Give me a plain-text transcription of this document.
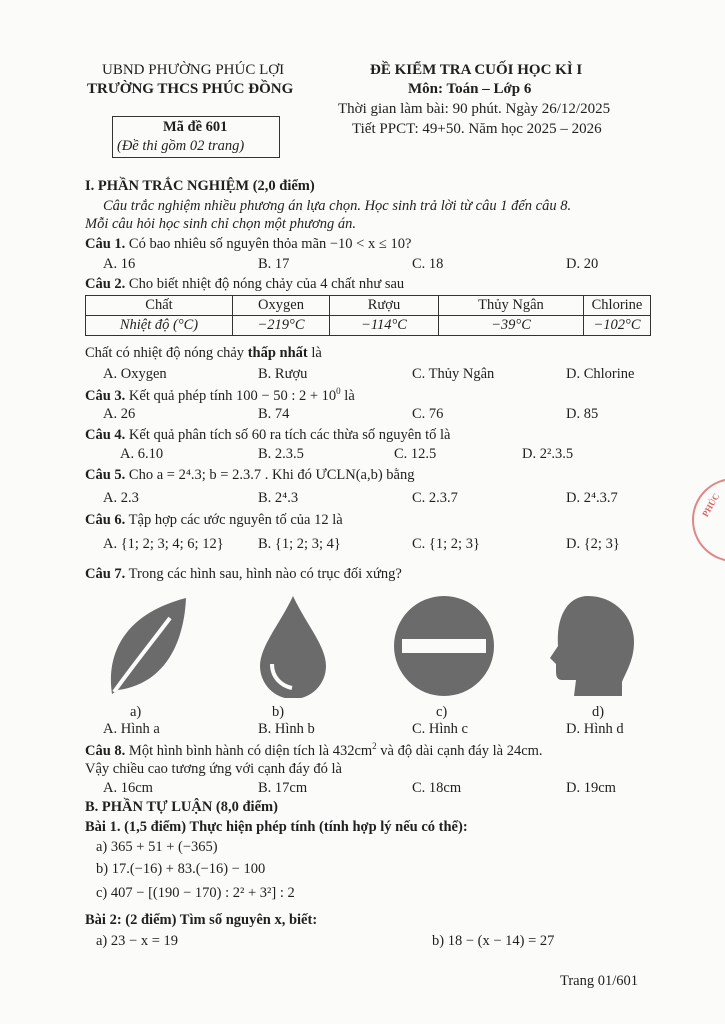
UBND PHƯỜNG PHÚC LỢI
TRƯỜNG THCS PHÚC ĐỒNG
ĐỀ KIỂM TRA CUỐI HỌC KÌ I
Môn: Toán – Lớp 6
Thời gian làm bài: 90 phút. Ngày 26/12/2025
Tiết PPCT: 49+50. Năm học 2025 – 2026
Mã đề 601
(Đề thi gồm 02 trang)
I. PHẦN TRẮC NGHIỆM (2,0 điểm)
Câu trắc nghiệm nhiều phương án lựa chọn. Học sinh trả lời từ câu 1 đến câu 8.
Mỗi câu hỏi học sinh chỉ chọn một phương án.
Câu 1. Có bao nhiêu số nguyên thỏa mãn −10 < x ≤ 10?
A. 16	B. 17	C. 18	D. 20
Câu 2. Cho biết nhiệt độ nóng chảy của 4 chất như sau
Chất	Oxygen	Rượu	Thủy Ngân	Chlorine
Nhiệt độ (°C)	−219°C	−114°C	−39°C	−102°C
Chất có nhiệt độ nóng chảy thấp nhất là
A. Oxygen	B. Rượu	C. Thủy Ngân	D. Chlorine
Câu 3. Kết quả phép tính 100 − 50 : $2 + 10^0$ là
A. 26	B. 74	C. 76	D. 85
Câu 4. Kết quả phân tích số 60 ra tích các thừa số nguyên tố là
A. 6.10	B. 2.3.5	C. 12.5	D. 2².3.5
Câu 5. Cho a = 2⁴.3; b = 2.3.7 . Khi đó ƯCLN(a,b) bằng
A. 2.3	B. 2⁴.3	C. 2.3.7	D. 2⁴.3.7
Câu 6. Tập hợp các ước nguyên tố của 12 là
A. {1; 2; 3; 4; 6; 12} B. {1; 2; 3; 4}	C. {1; 2; 3}	D. {2; 3}
Câu 7. Trong các hình sau, hình nào có trục đối xứng?
a)	b)	c)	d)
A. Hình a	B. Hình b	C. Hình c	D. Hình d
Câu 8. Một hình bình hành có diện tích là $432cm^2$ và độ dài cạnh đáy là 24cm.
Vậy chiều cao tương ứng với cạnh đáy đó là
A. 16cm	B. 17cm	C. 18cm	D. 19cm
B. PHẦN TỰ LUẬN (8,0 điểm)
Bài 1. (1,5 điểm) Thực hiện phép tính (tính hợp lý nếu có thể):
a) 365 + 51 + (−365)
b) 17.(−16) + 83.(−16) − 100
c) 407 − [(190 − 170) : 2² + 3²] : 2
Bài 2: (2 điểm) Tìm số nguyên x, biết:
a) 23 − x = 19	b) 18 − (x − 14) = 27
Trang 01/601
PHÚC
